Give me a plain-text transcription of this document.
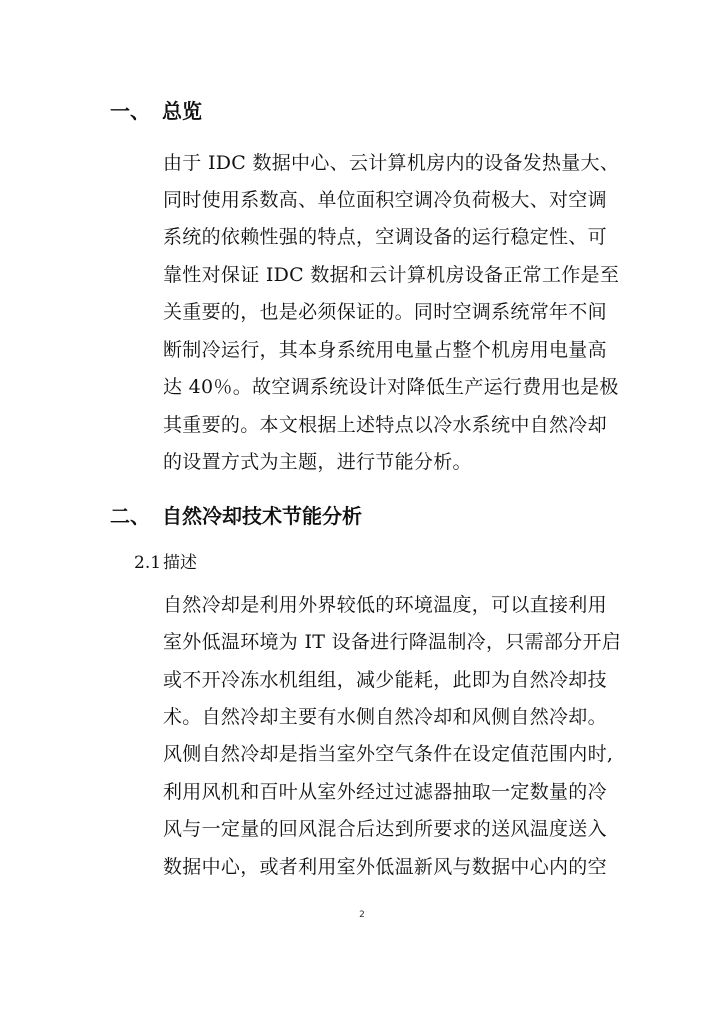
一、 总览
由于 IDC 数据中心、云计算机房内的设备发热量大、
同时使用系数高、单位面积空调冷负荷极大、对空调
系统的依赖性强的特点，空调设备的运行稳定性、可
靠性对保证 IDC 数据和云计算机房设备正常工作是至
关重要的，也是必须保证的。同时空调系统常年不间
断制冷运行，其本身系统用电量占整个机房用电量高
达 40％。故空调系统设计对降低生产运行费用也是极
其重要的。本文根据上述特点以冷水系统中自然冷却
的设置方式为主题，进行节能分析。
二、 自然冷却技术节能分析
2.1 描述
自然冷却是利用外界较低的环境温度，可以直接利用
室外低温环境为 IT 设备进行降温制冷，只需部分开启
或不开冷冻水机组组，减少能耗，此即为自然冷却技
术。自然冷却主要有水侧自然冷却和风侧自然冷却。
风侧自然冷却是指当室外空气条件在设定值范围内时,
利用风机和百叶从室外经过过滤器抽取一定数量的冷
风与一定量的回风混合后达到所要求的送风温度送入
数据中心，或者利用室外低温新风与数据中心内的空
2
